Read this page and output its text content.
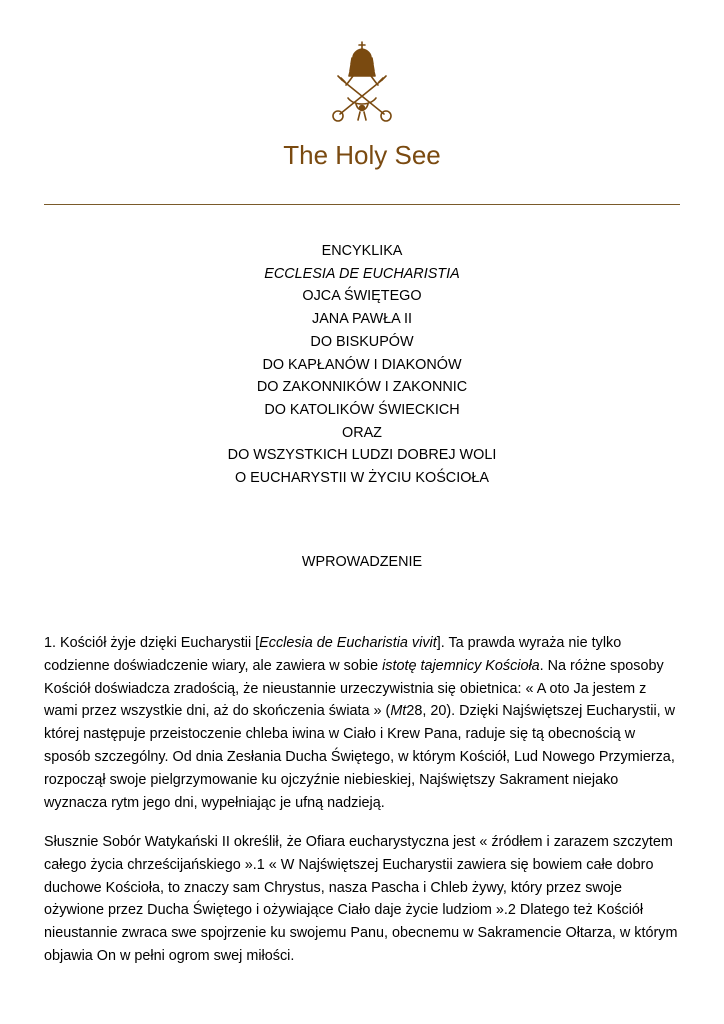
The Holy See
ENCYKLIKA
ECCLESIA DE EUCHARISTIA
OJCA ŚWIĘTEGO
JANA PAWŁA II
DO BISKUPÓW
DO KAPŁANÓW I DIAKONÓW
DO ZAKONNIKÓW I ZAKONNIC
DO KATOLIKÓW ŚWIECKICH
ORAZ
DO WSZYSTKICH LUDZI DOBREJ WOLI
O EUCHARYSTII W ŻYCIU KOŚCIOŁA
WPROWADZENIE

1. Kościół żyje dzięki Eucharystii [Ecclesia de Eucharistia vivit]. Ta prawda wyraża nie tylko codzienne doświadczenie wiary, ale zawiera w sobie istotę tajemnicy Kościoła. Na różne sposoby Kościół doświadcza zradością, że nieustannie urzeczywistnia się obietnica: « A oto Ja jestem z wami przez wszystkie dni, aż do skończenia świata » (Mt28, 20). Dzięki Najświętszej Eucharystii, w której następuje przeistoczenie chleba iwina w Ciało i Krew Pana, raduje się tą obecnością w sposób szczególny. Od dnia Zesłania Ducha Świętego, w którym Kościół, Lud Nowego Przymierza, rozpoczął swoje pielgrzymowanie ku ojczyźnie niebieskiej, Najświętszy Sakrament niejako wyznacza rytm jego dni, wypełniając je ufną nadzieją.

Słusznie Sobór Watykański II określił, że Ofiara eucharystyczna jest « źródłem i zarazem szczytem całego życia chrześcijańskiego ».1 « W Najświętszej Eucharystii zawiera się bowiem całe dobro duchowe Kościoła, to znaczy sam Chrystus, nasza Pascha i Chleb żywy, który przez swoje ożywione przez Ducha Świętego i ożywiające Ciało daje życie ludziom ».2 Dlatego też Kościół nieustannie zwraca swe spojrzenie ku swojemu Panu, obecnemu w Sakramencie Ołtarza, w którym objawia On w pełni ogrom swej miłości.
